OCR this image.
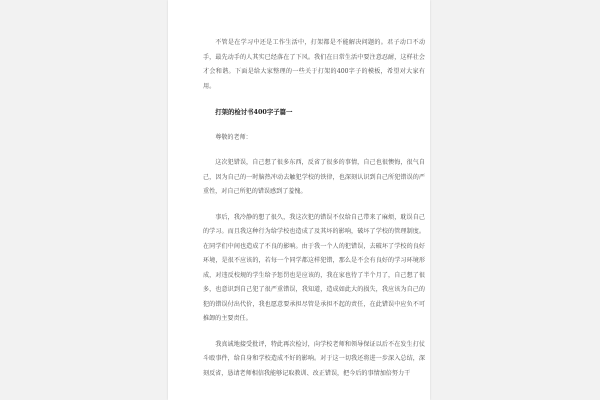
不管是在学习中还是工作生活中，打架都是不能解决问题的。君子动口不动手，最先动手的人其实已经落在了下风。我们在日常生活中要注意忍耐，这样社会才会和谐。下面是给大家整理的一些关于打架的400字子的模板，希望对大家有用。

打架的检讨书400字子篇一

尊敬的老师：

这次犯错误，自己想了很多东西，反省了很多的事情，自己也很懊悔，很气自己，因为自己的一时脑热冲动去触犯学校的铁律，也深刻认识到自己所犯错误的严重性，对自己所犯的错误感到了羞愧。

事后，我冷静的想了很久，我这次犯的错误不仅给自己带来了麻烦，耽误自己的学习。而且我这种行为给学校也造成了及其坏的影响，破坏了学校的管理制度。在同学们中间也造成了不良的影响。由于我一个人的犯错误，去破坏了学校的良好环境，是很不应该的，若每一个同学都这样犯错，那么是不会有良好的学习环境形成，对违反校规的学生给予惩罚也是应该的，我在家也待了半个月了，自己想了很多，也意识到自己犯了很严重错误，我知道，造成如此大的损失，我应该为自己的犯的错误付出代价，我也愿意要承担尽管是承担不起的责任，在此错误中应负不可推卸的主要责任。

我真诚地接受批评，特此再次检讨，向学校老师和领导保证以后不在发生打仗斗殴事件，给自身和学校造成不好的影响。对于这一切我还将进一步深入总结，深刻反省，恳请老师相信我能够记取教训、改正错误，把今后的事情加倍努力干
